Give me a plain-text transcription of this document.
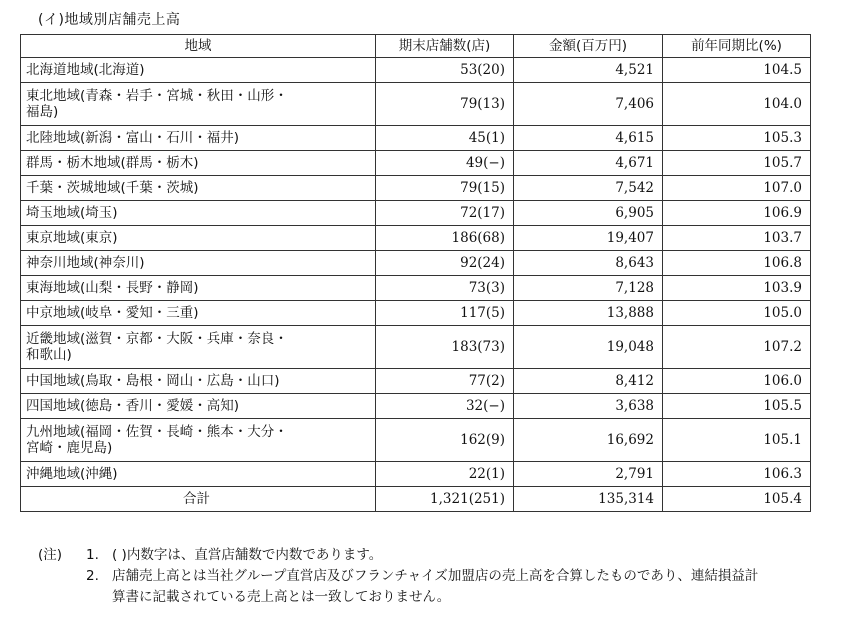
(イ)地域別店舗売上高
地域	期末店舗数(店)	金額(百万円)	前年同期比(%)
北海道地域(北海道)	53(20)	4,521	104.5
東北地域(青森・岩手・宮城・秋田・山形・
福島)	79(13)	7,406	104.0
北陸地域(新潟・富山・石川・福井)	45(1)	4,615	105.3
群馬・栃木地域(群馬・栃木)	49(−)	4,671	105.7
千葉・茨城地域(千葉・茨城)	79(15)	7,542	107.0
埼玉地域(埼玉)	72(17)	6,905	106.9
東京地域(東京)	186(68)	19,407	103.7
神奈川地域(神奈川)	92(24)	8,643	106.8
東海地域(山梨・長野・静岡)	73(3)	7,128	103.9
中京地域(岐阜・愛知・三重)	117(5)	13,888	105.0
近畿地域(滋賀・京都・大阪・兵庫・奈良・
和歌山)	183(73)	19,048	107.2
中国地域(鳥取・島根・岡山・広島・山口)	77(2)	8,412	106.0
四国地域(徳島・香川・愛媛・高知)	32(−)	3,638	105.5
九州地域(福岡・佐賀・長崎・熊本・大分・
宮崎・鹿児島)	162(9)	16,692	105.1
沖縄地域(沖縄)	22(1)	2,791	106.3
合計	1,321(251)	135,314	105.4
(注)	1. ( )内数字は、直営店舗数で内数であります。
2. 店舗売上高とは当社グループ直営店及びフランチャイズ加盟店の売上高を合算したものであり、連結損益計
算書に記載されている売上高とは一致しておりません。
